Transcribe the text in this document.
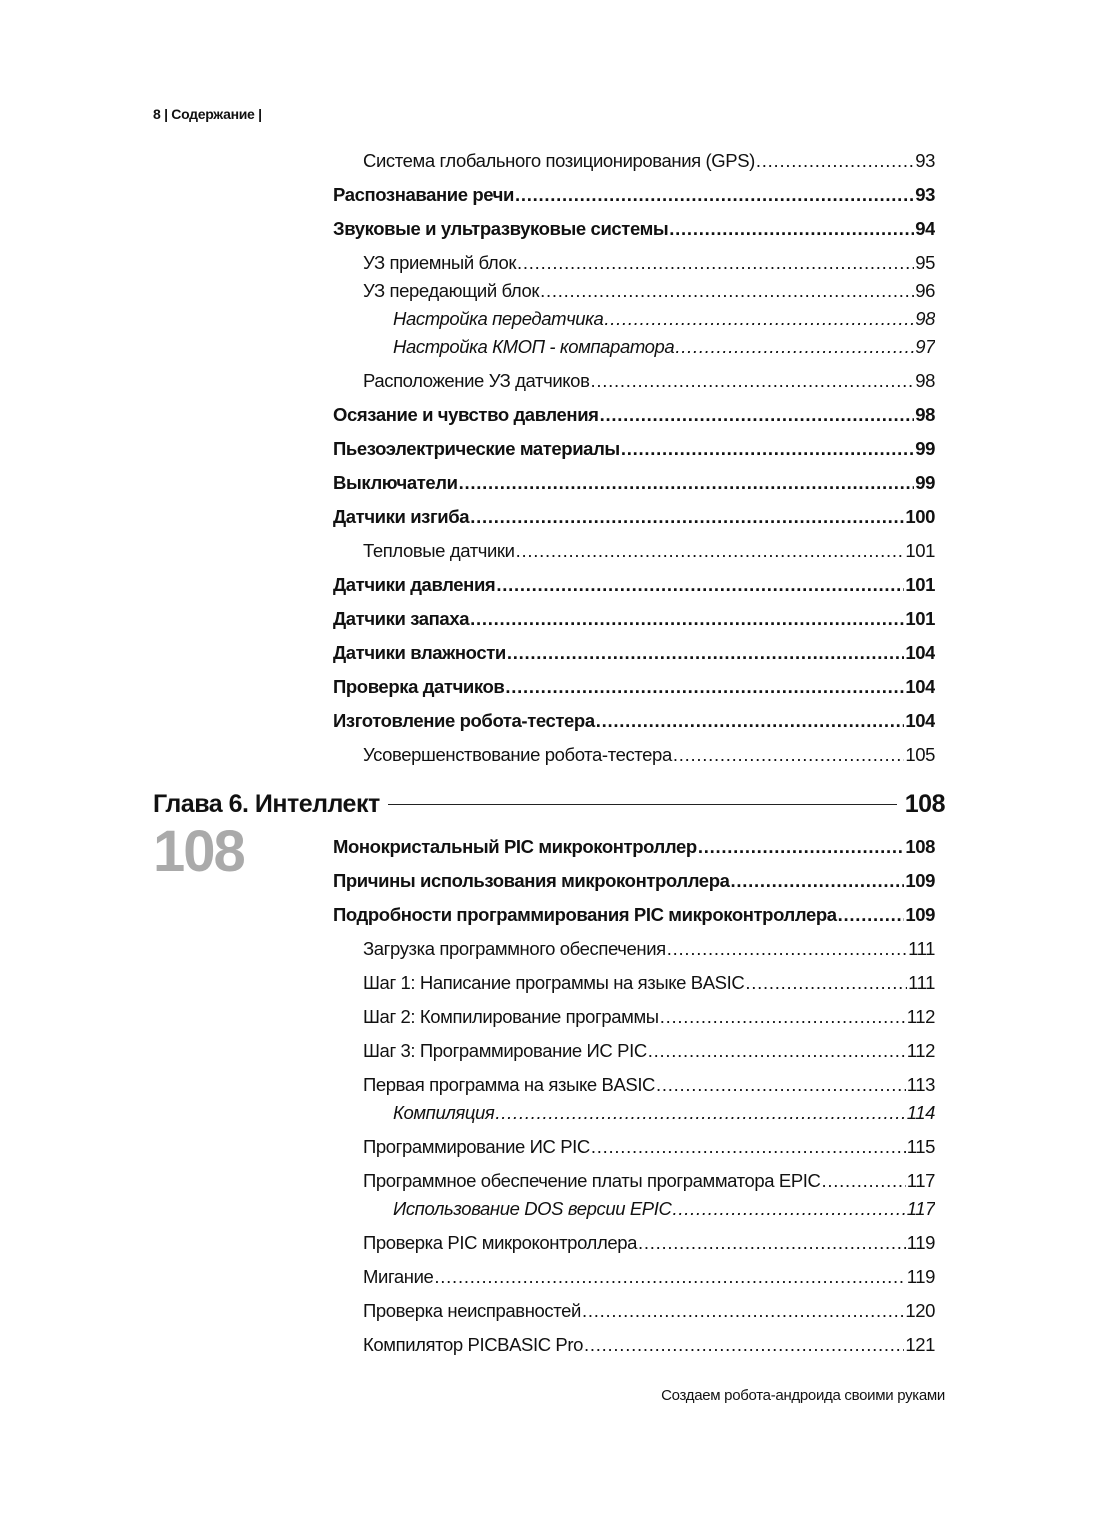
8 | Содержание |
Система глобального позиционирования (GPS) . . .	93
Распознавание речи . . .	93
Звуковые и ультразвуковые системы . . .	94
УЗ приемный блок . . .	95
УЗ передающий блок . . .	96
Настройка передатчика . . .	98
Настройка КМОП - компаратора . . .	97
Расположение УЗ датчиков . . .	98
Осязание и чувство давления . . .	98
Пьезоэлектрические материалы . . .	99
Выключатели . . .	99
Датчики изгиба . . .	100
Тепловые датчики . . .	101
Датчики давления . . .	101
Датчики запаха . . .	101
Датчики влажности . . .	104
Проверка датчиков . . .	104
Изготовление робота-тестера . . .	104
Усовершенствование робота-тестера . . .	105
Глава 6. Интеллект	108
108	Монокристальный PIC микроконтроллер . . .	108
Причины использования микроконтроллера . . .	109
Подробности программирования PIC микроконтроллера . . .	109
Загрузка программного обеспечения . . .	111
Шаг 1: Написание программы на языке BASIC . . .	111
Шаг 2: Компилирование программы . . .	112
Шаг 3: Программирование ИС PIC . . .	112
Первая программа на языке BASIC . . .	113
Компиляция . . .	114
Программирование ИС PIC . . .	115
Программное обеспечение платы программатора EPIC . . .	117
Использование DOS версии EPIC . . .	117
Проверка PIC микроконтроллера . . .	119
Мигание . . .	119
Проверка неисправностей . . .	120
Компилятор PICBASIC Pro . . .	121
Создаем робота-андроида своими руками
